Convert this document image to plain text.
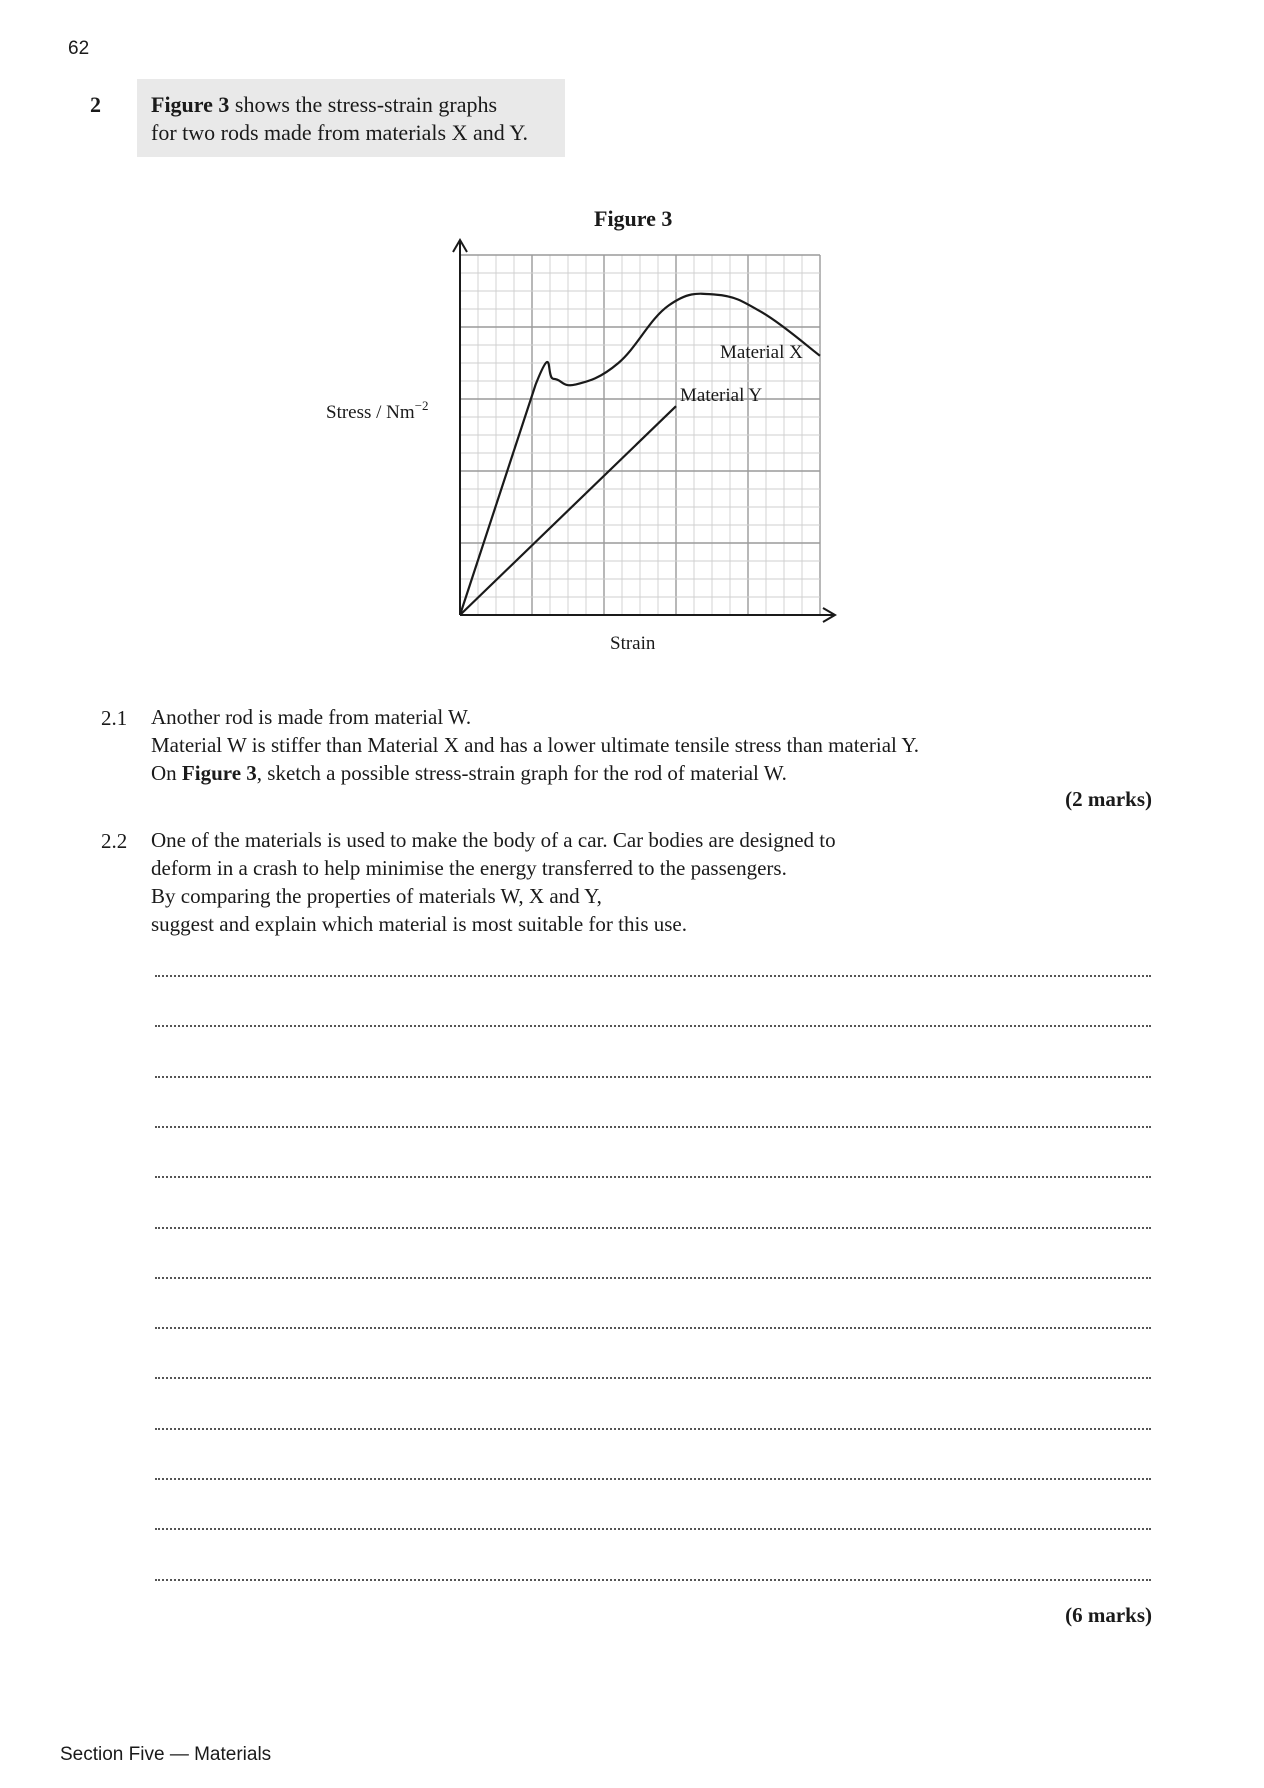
62
2 Figure 3 shows the stress-strain graphs
for two rods made from materials X and Y.
Figure 3
Stress / $Nm^{-2}$
Strain
Material X
Material Y
2.1 Another rod is made from material W.
Material W is stiffer than Material X and has a lower ultimate tensile stress than material Y.
On Figure 3, sketch a possible stress-strain graph for the rod of material W.
(2 marks)
2.2 One of the materials is used to make the body of a car. Car bodies are designed to
deform in a crash to help minimise the energy transferred to the passengers.
By comparing the properties of materials W, X and Y,
suggest and explain which material is most suitable for this use.
(6 marks)
Section Five — Materials
